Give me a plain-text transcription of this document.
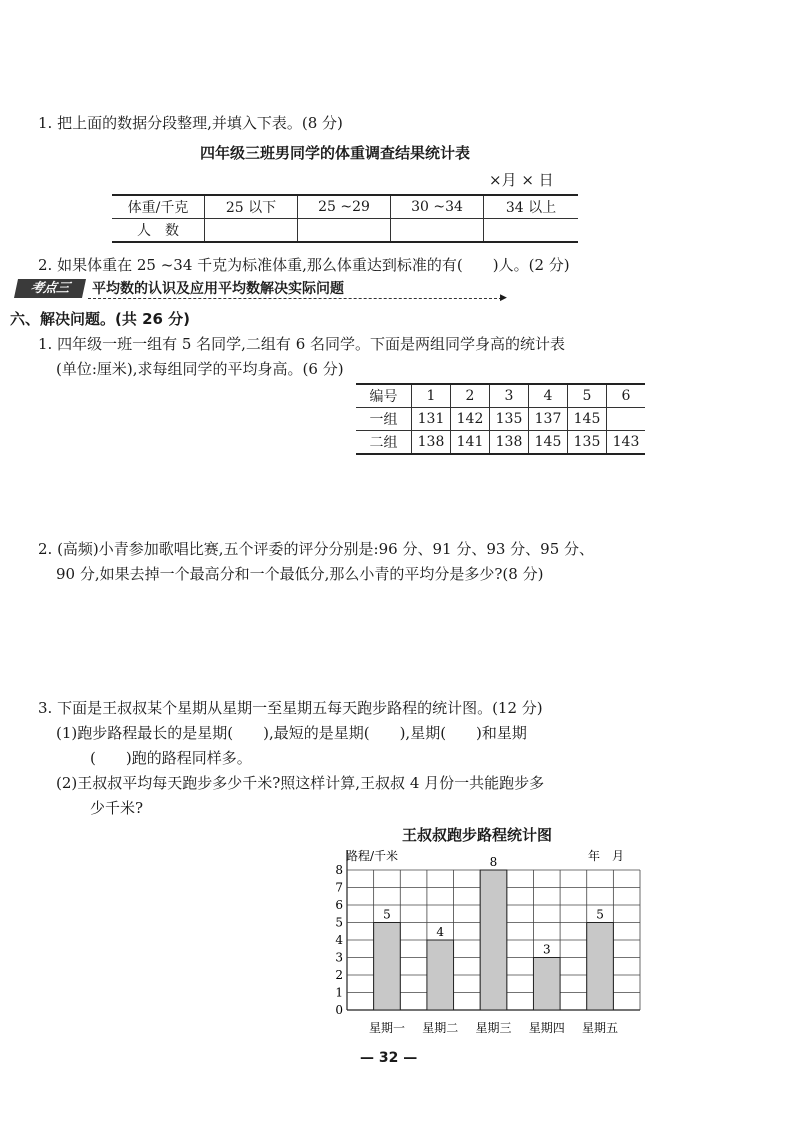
1. 把上面的数据分段整理,并填入下表。(8 分)
四年级三班男同学的体重调查结果统计表
×月 × 日
体重/千克	25 以下	25 ~29	30 ~34	34 以上
人　数				
2. 如果体重在 25 ~34 千克为标准体重,那么体重达到标准的有(　　)人。(2 分)
考点三	平均数的认识及应用平均数解决实际问题
▶
六、解决问题。(共 26 分)
1. 四年级一班一组有 5 名同学,二组有 6 名同学。下面是两组同学身高的统计表
(单位:厘米),求每组同学的平均身高。(6 分)
编号	1	2	3	4	5	6
一组	131	142	135	137	145	
二组	138	141	138	145	135	143
2. (高频)小青参加歌唱比赛,五个评委的评分分别是:96 分、91 分、93 分、95 分、
90 分,如果去掉一个最高分和一个最低分,那么小青的平均分是多少?(8 分)
3. 下面是王叔叔某个星期从星期一至星期五每天跑步路程的统计图。(12 分)
(1)跑步路程最长的是星期(　　),最短的是星期(　　),星期(　　)和星期
(　　)跑的路程同样多。
(2)王叔叔平均每天跑步多少千米?照这样计算,王叔叔 4 月份一共能跑步多
少千米?
王叔叔跑步路程统计图
0
1
2
3
4
5
6
7
8
路程/千米	年　月
5
星期一
4
星期二
8
星期三
3
星期四
5
星期五
— 32 —
